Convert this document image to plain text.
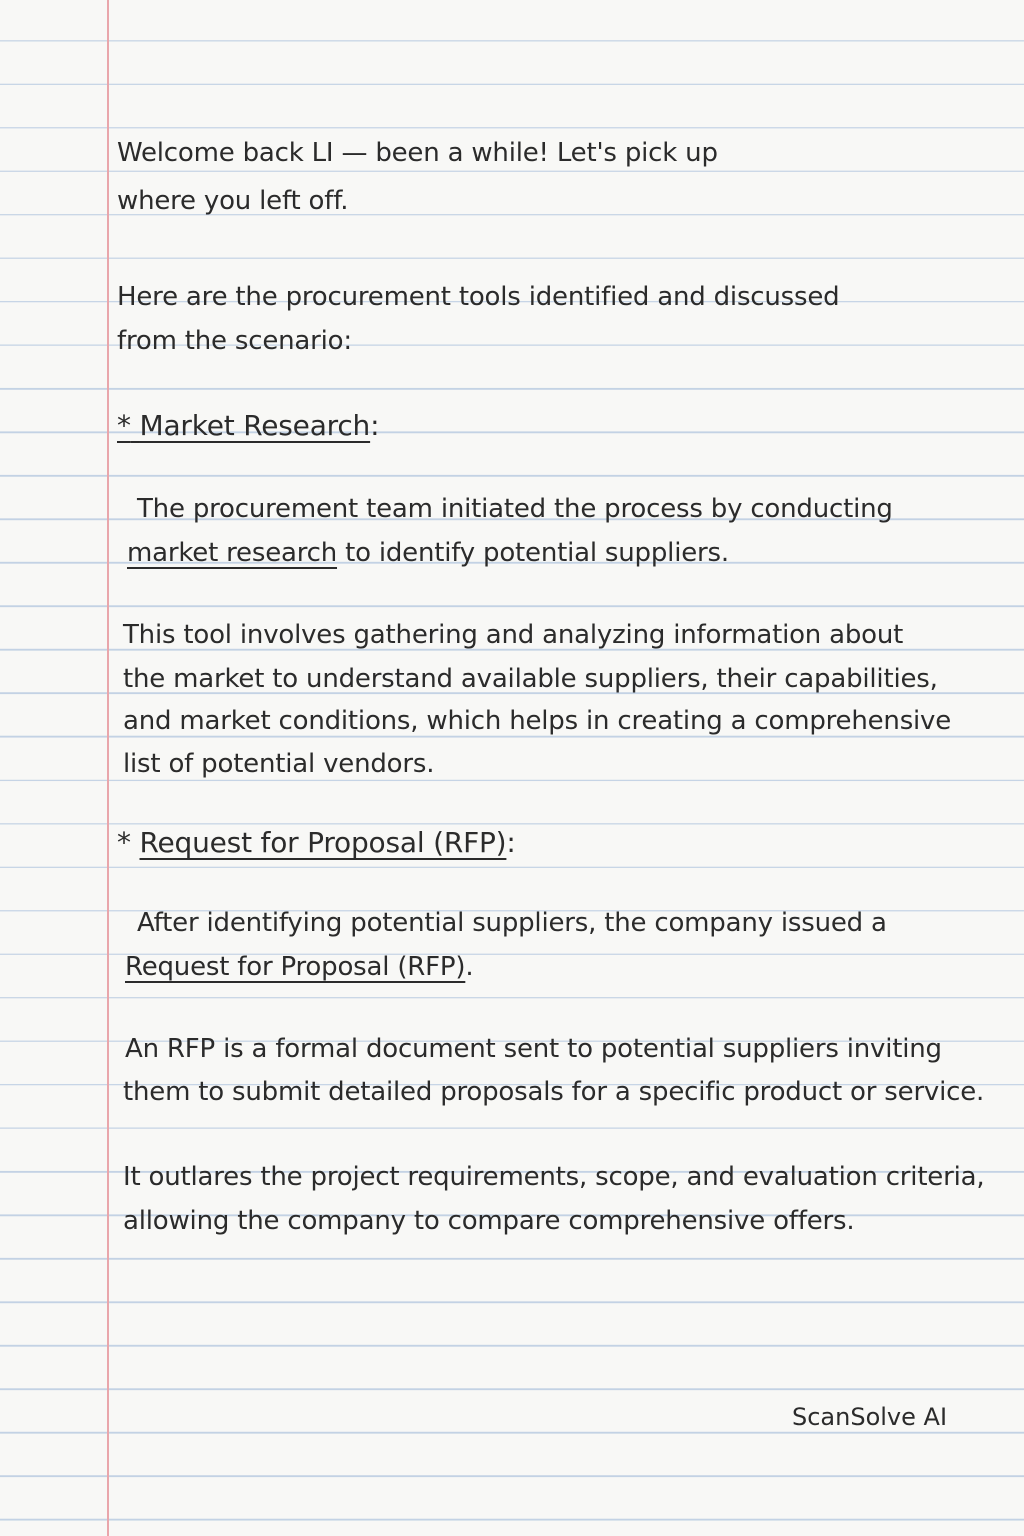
Welcome back LI — been a while! Let's pick up
where you left off.
Here are the procurement tools identified and discussed
from the scenario:
* Market Research:
The procurement team initiated the process by conducting
market research to identify potential suppliers.
This tool involves gathering and analyzing information about
the market to understand available suppliers, their capabilities,
and market conditions, which helps in creating a comprehensive
list of potential vendors.
* Request for Proposal (RFP):
After identifying potential suppliers, the company issued a
Request for Proposal (RFP).
An RFP is a formal document sent to potential suppliers inviting
them to submit detailed proposals for a specific product or service.
It outlares the project requirements, scope, and evaluation criteria,
allowing the company to compare comprehensive offers.
ScanSolve AI
